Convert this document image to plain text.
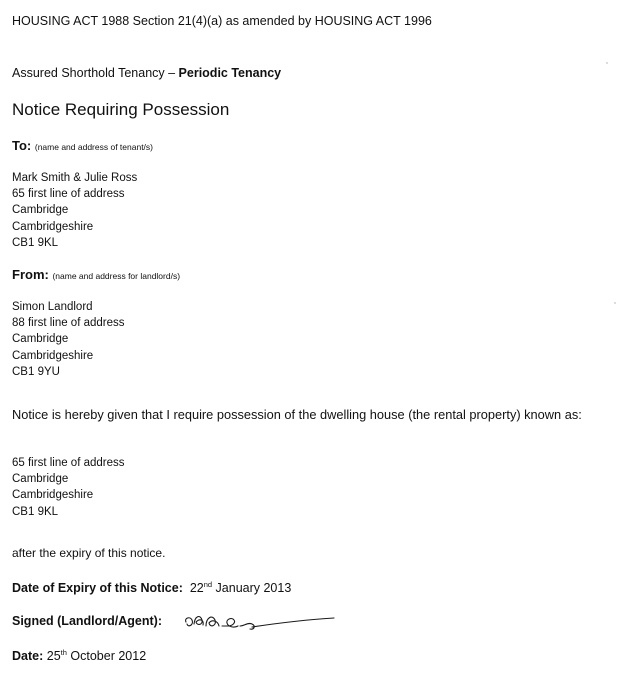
HOUSING ACT 1988 Section 21(4)(a) as amended by HOUSING ACT 1996
Assured Shorthold Tenancy – Periodic Tenancy
Notice Requiring Possession
To: (name and address of tenant/s)
Mark Smith & Julie Ross
65 first line of address
Cambridge
Cambridgeshire
CB1 9KL
From: (name and address for landlord/s)
Simon Landlord
88 first line of address
Cambridge
Cambridgeshire
CB1 9YU
Notice is hereby given that I require possession of the dwelling house (the rental property) known as:
65 first line of address
Cambridge
Cambridgeshire
CB1 9KL
after the expiry of this notice.
Date of Expiry of this Notice: 22nd January 2013
Signed (Landlord/Agent):
Date: 25th October 2012
